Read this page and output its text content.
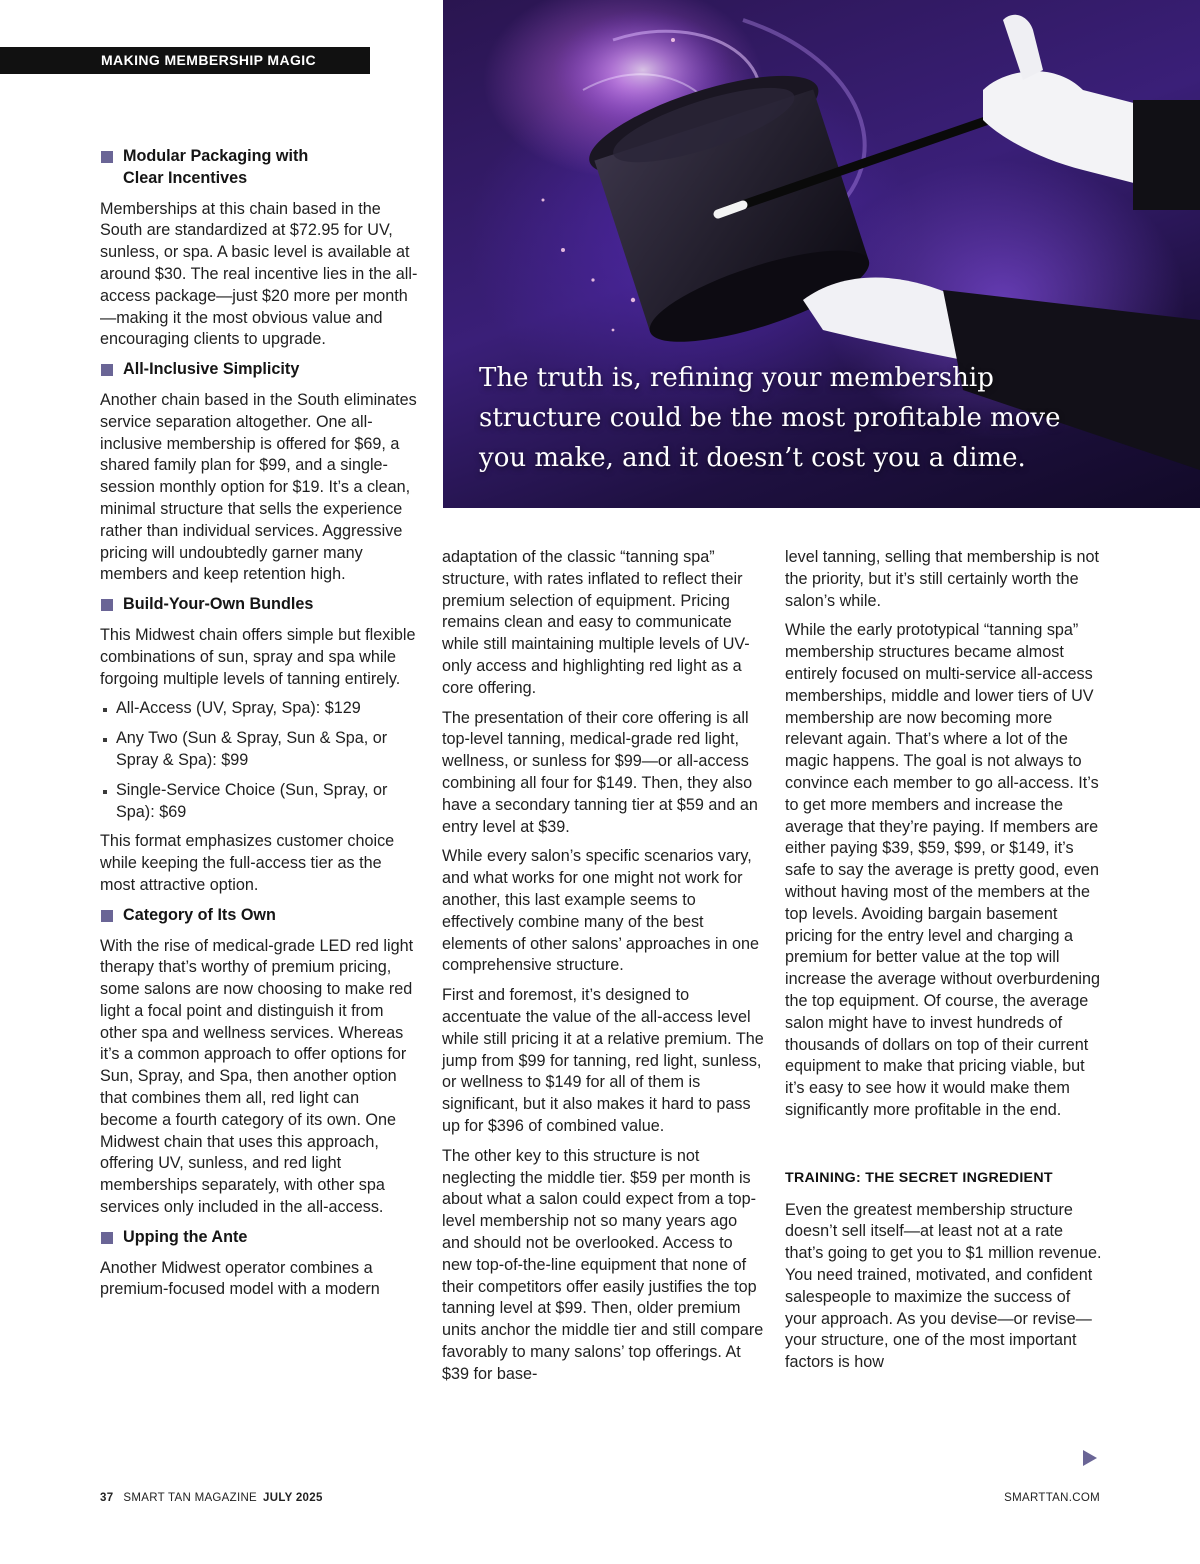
MAKING MEMBERSHIP MAGIC
The truth is, refining your membership
structure could be the most profitable move
you make, and it doesn’t cost you a dime.
Modular Packaging with
Clear Incentives

Memberships at this chain based in the South are standardized at $72.95 for UV, sunless, or spa. A basic level is available at around $30. The real incentive lies in the all-access package—just $20 more per month—making it the most obvious value and encouraging clients to upgrade.

All-Inclusive Simplicity

Another chain based in the South eliminates service separation altogether. One all-inclusive membership is offered for $69, a shared family plan for $99, and a single-session monthly option for $19. It’s a clean, minimal structure that sells the experience rather than individual services. Aggressive pricing will undoubtedly garner many members and keep retention high.

Build-Your-Own Bundles

This Midwest chain offers simple but flexible combinations of sun, spray and spa while forgoing multiple levels of tanning entirely.

All-Access (UV, Spray, Spa): $129
Any Two (Sun & Spray, Sun & Spa, or Spray & Spa): $99
Single-Service Choice (Sun, Spray, or Spa): $69

This format emphasizes customer choice while keeping the full-access tier as the most attractive option.

Category of Its Own

With the rise of medical-grade LED red light therapy that’s worthy of premium pricing, some salons are now choosing to make red light a focal point and distinguish it from other spa and wellness services. Whereas it’s a common approach to offer options for Sun, Spray, and Spa, then another option that combines them all, red light can become a fourth category of its own. One Midwest chain that uses this approach, offering UV, sunless, and red light memberships separately, with other spa services only included in the all-access.

Upping the Ante

Another Midwest operator combines a premium-focused model with a modern

adaptation of the classic “tanning spa” structure, with rates inflated to reflect their premium selection of equipment. Pricing remains clean and easy to communicate while still maintaining multiple levels of UV-only access and highlighting red light as a core offering.

The presentation of their core offering is all top-level tanning, medical-grade red light, wellness, or sunless for $99—or all-access combining all four for $149. Then, they also have a secondary tanning tier at $59 and an entry level at $39.

While every salon’s specific scenarios vary, and what works for one might not work for another, this last example seems to effectively combine many of the best elements of other salons’ approaches in one comprehensive structure.

First and foremost, it’s designed to accentuate the value of the all-access level while still pricing it at a relative premium. The jump from $99 for tanning, red light, sunless, or wellness to $149 for all of them is significant, but it also makes it hard to pass up for $396 of combined value.

The other key to this structure is not neglecting the middle tier. $59 per month is about what a salon could expect from a top-level membership not so many years ago and should not be overlooked. Access to new top-of-the-line equipment that none of their competitors offer easily justifies the top tanning level at $99. Then, older premium units anchor the middle tier and still compare favorably to many salons’ top offerings. At $39 for base-

level tanning, selling that membership is not the priority, but it’s still certainly worth the salon’s while.

While the early prototypical “tanning spa” membership structures became almost entirely focused on multi-service all-access memberships, middle and lower tiers of UV membership are now becoming more relevant again. That’s where a lot of the magic happens. The goal is not always to convince each member to go all-access. It’s to get more members and increase the average that they’re paying. If members are either paying $39, $59, $99, or $149, it’s safe to say the average is pretty good, even without having most of the members at the top levels. Avoiding bargain basement pricing for the entry level and charging a premium for better value at the top will increase the average without overburdening the top equipment. Of course, the average salon might have to invest hundreds of thousands of dollars on top of their current equipment to make that pricing viable, but it’s easy to see how it would make them significantly more profitable in the end.

TRAINING: THE SECRET INGREDIENT

Even the greatest membership structure doesn’t sell itself—at least not at a rate that’s going to get you to $1 million revenue. You need trained, motivated, and confident salespeople to maximize the success of your approach. As you devise—or revise—your structure, one of the most important factors is how

37 SMART TAN MAGAZINE JULY 2025	SMARTTAN.COM
